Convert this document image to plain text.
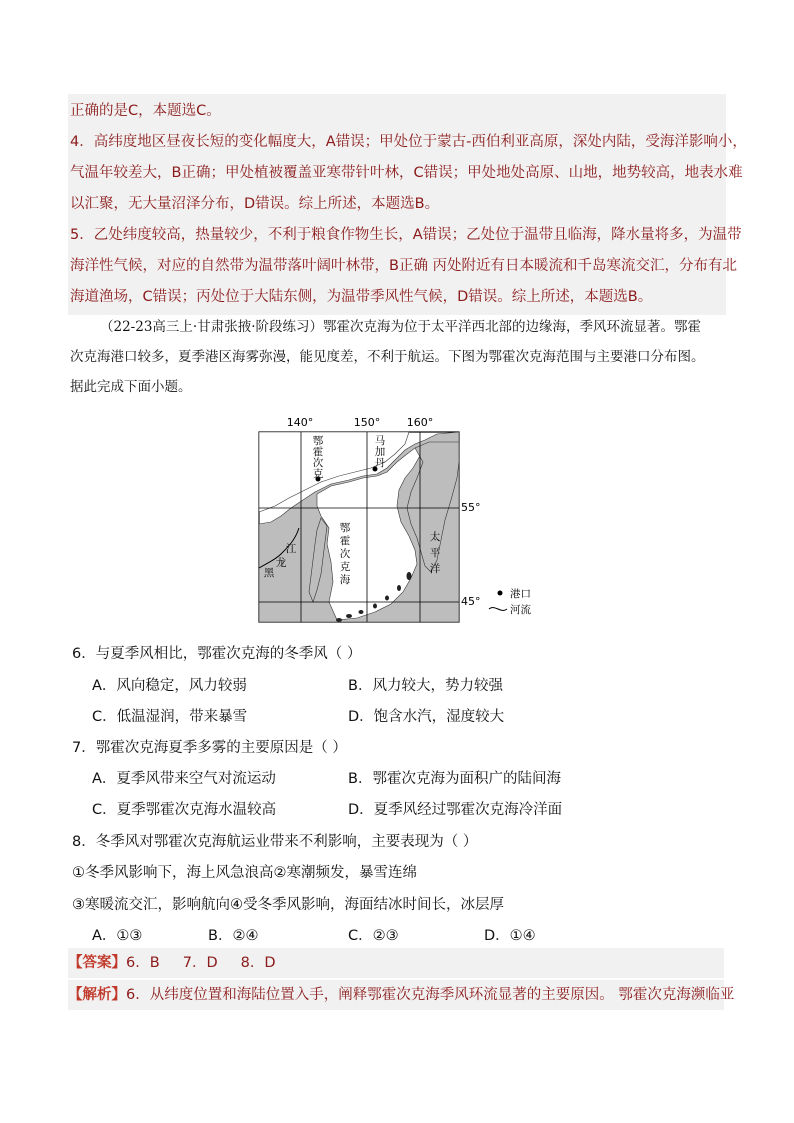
正确的是C，本题选C。

4．高纬度地区昼夜长短的变化幅度大，A错误；甲处位于蒙古-西伯利亚高原，深处内陆，受海洋影响小，

气温年较差大，B正确；甲处植被覆盖亚寒带针叶林，C错误；甲处地处高原、山地，地势较高，地表水难

以汇聚，无大量沼泽分布，D错误。综上所述，本题选B。

5．乙处纬度较高，热量较少，不利于粮食作物生长，A错误；乙处位于温带且临海，降水量将多，为温带

海洋性气候，对应的自然带为温带落叶阔叶林带，B正确 丙处附近有日本暖流和千岛寒流交汇，分布有北

海道渔场，C错误；丙处位于大陆东侧，为温带季风性气候，D错误。综上所述，本题选B。

（22-23高三上·甘肃张掖·阶段练习）鄂霍次克海为位于太平洋西北部的边缘海，季风环流显著。鄂霍

次克海港口较多，夏季港区海雾弥漫，能见度差，不利于航运。下图为鄂霍次克海范围与主要港口分布图。

据此完成下面小题。

140°	150° 160°
鄂
霍
次
克
马
加
丹
鄂
霍
次
克
海
太
平
洋
黑
龙
江
55°
45°
港口
河流
6．与夏季风相比，鄂霍次克海的冬季风（ ）
A．风向稳定，风力较弱	B．风力较大，势力较强
C．低温湿润，带来暴雪	D．饱含水汽，湿度较大
7．鄂霍次克海夏季多雾的主要原因是（ ）
A．夏季风带来空气对流运动	B．鄂霍次克海为面积广的陆间海
C．夏季鄂霍次克海水温较高	D．夏季风经过鄂霍次克海冷洋面
8．冬季风对鄂霍次克海航运业带来不利影响，主要表现为（ ）
①冬季风影响下，海上风急浪高②寒潮频发，暴雪连绵
③寒暖流交汇，影响航向④受冬季风影响，海面结冰时间长，冰层厚
A．①③	B．②④	C．②③	D．①④
【答案】6．B     7．D     8．D
【解析】6．从纬度位置和海陆位置入手，阐释鄂霍次克海季风环流显著的主要原因。 鄂霍次克海濒临亚
